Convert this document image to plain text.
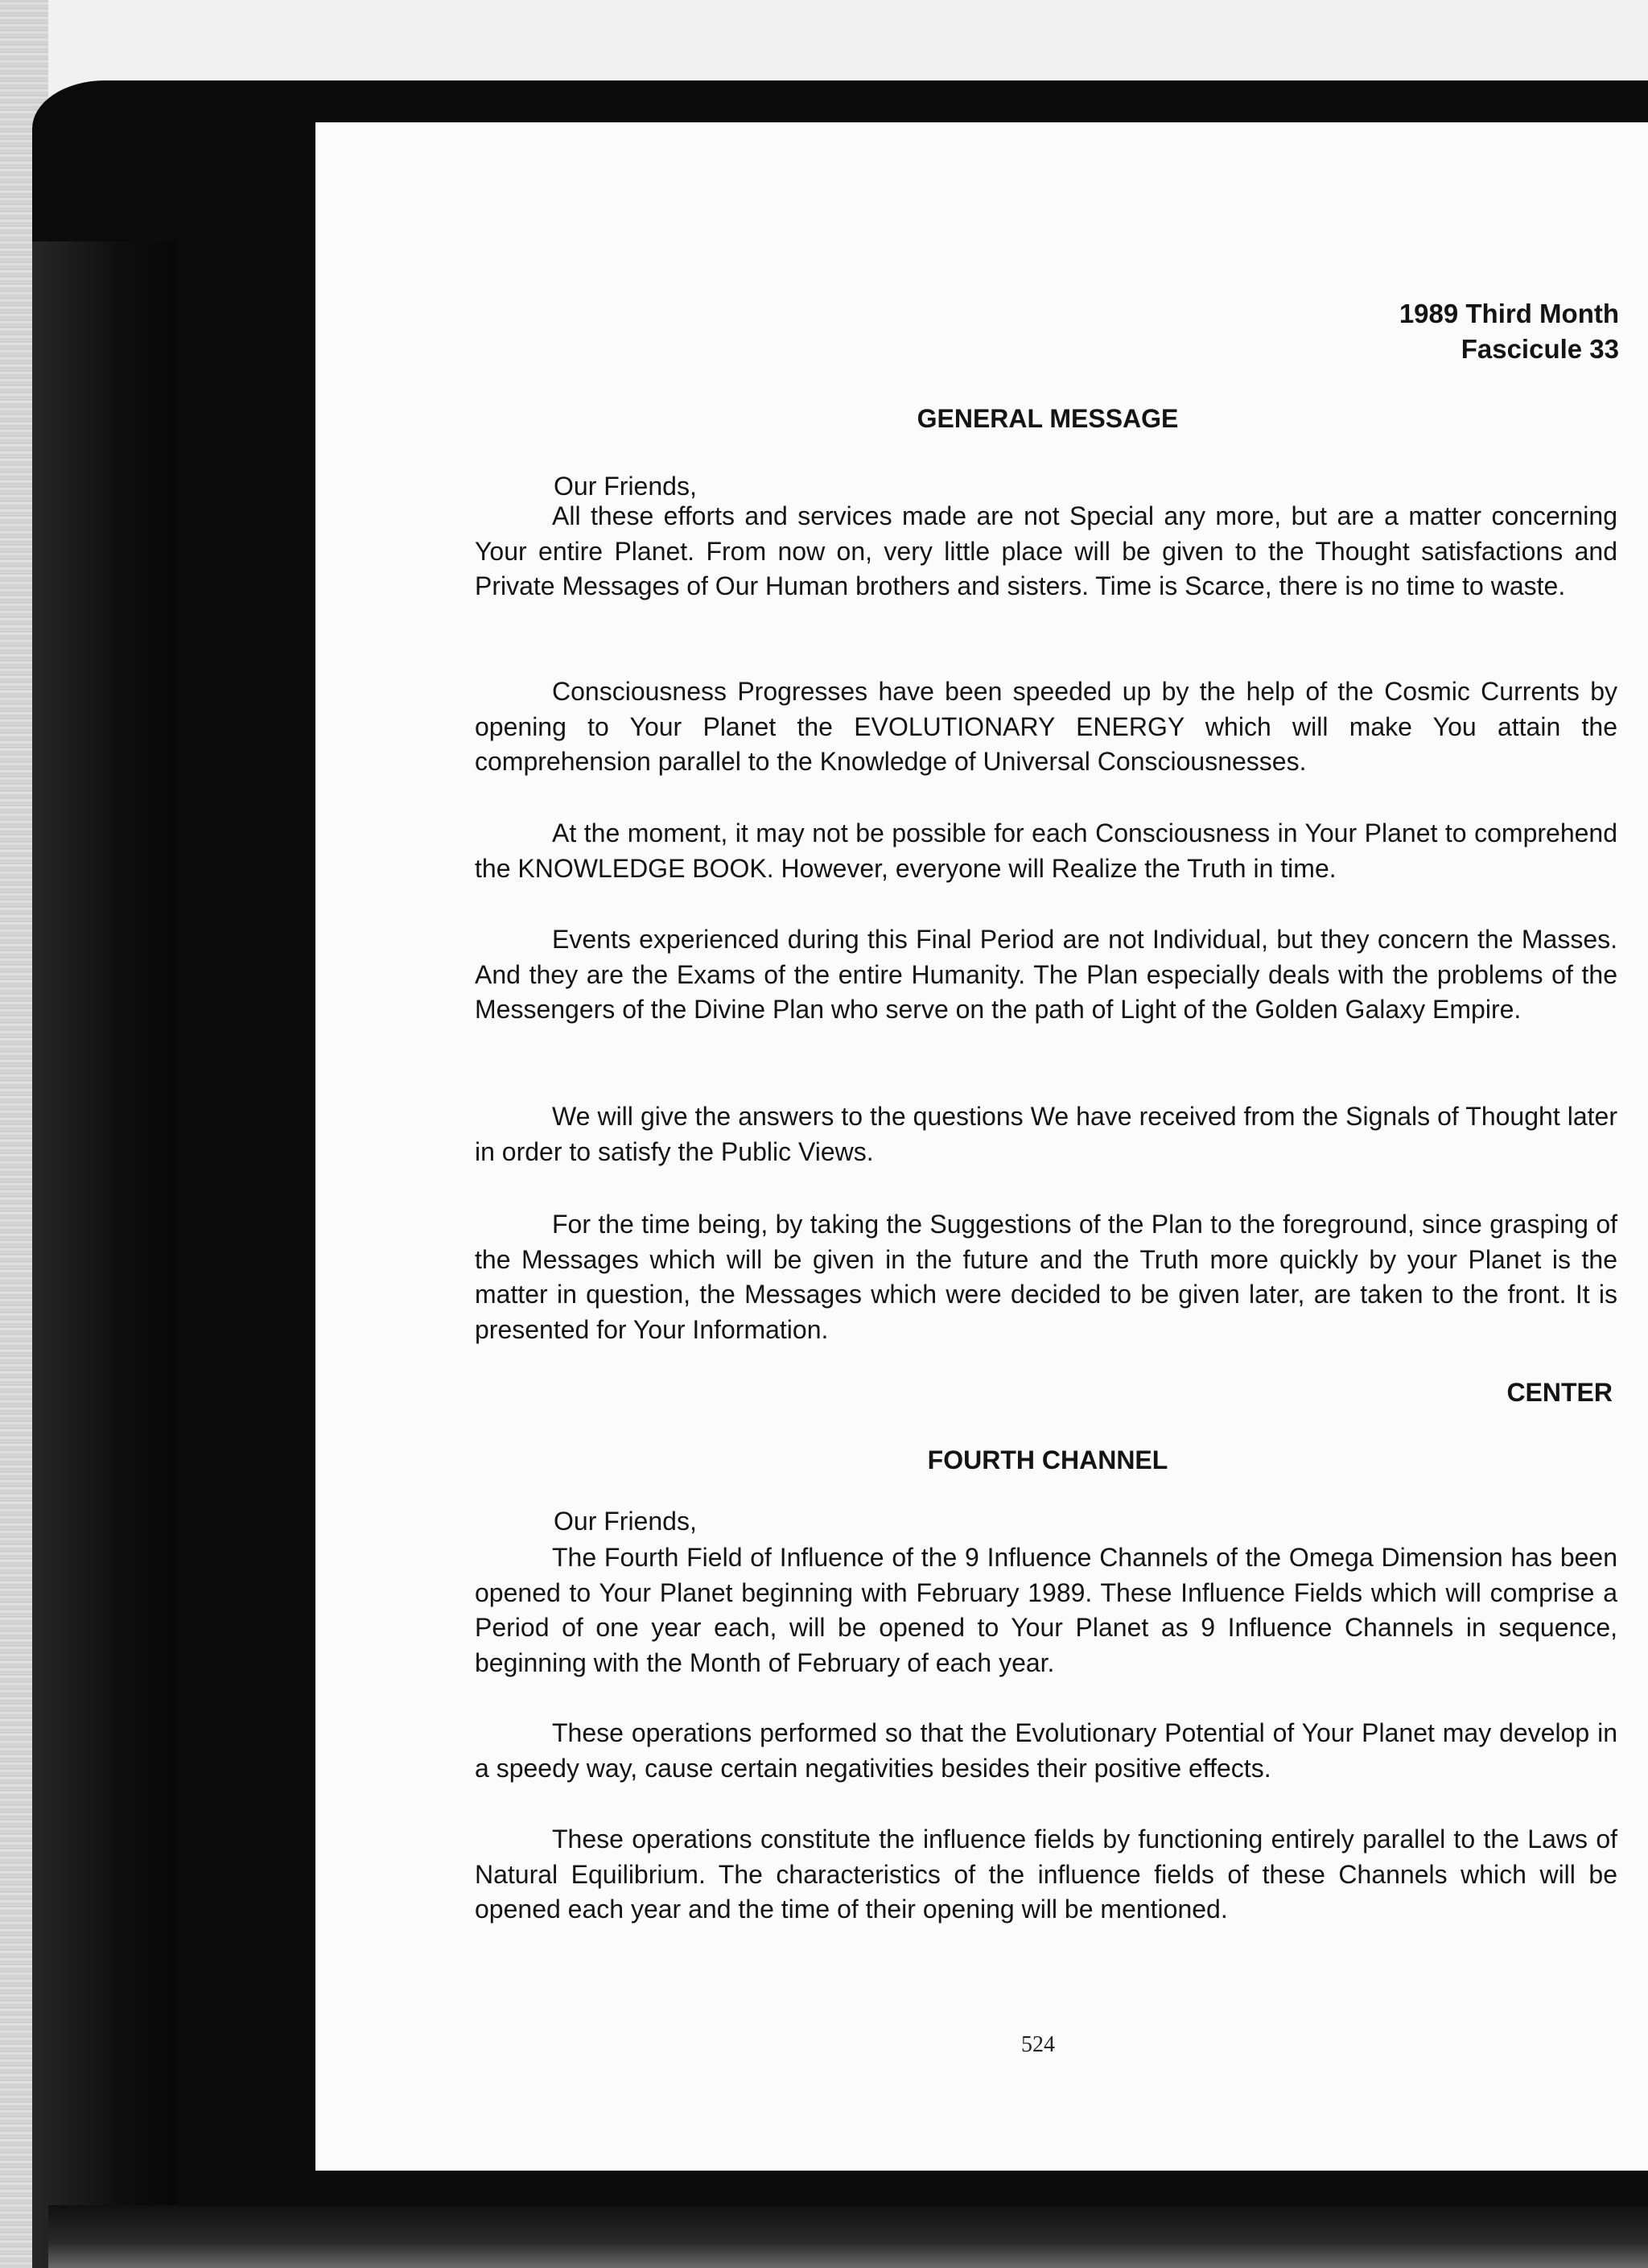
1989 Third Month
Fascicule 33
GENERAL MESSAGE

Our Friends,

All these efforts and services made are not Special any more, but are a matter concerning Your entire Planet. From now on, very little place will be given to the Thought satisfactions and Private Messages of Our Human brothers and sisters. Time is Scarce, there is no time to waste.

Consciousness Progresses have been speeded up by the help of the Cosmic Currents by opening to Your Planet the EVOLUTIONARY ENERGY which will make You attain the comprehension parallel to the Knowledge of Universal Consciousnesses.

At the moment, it may not be possible for each Consciousness in Your Planet to comprehend the KNOWLEDGE BOOK. However, everyone will Realize the Truth in time.

Events experienced during this Final Period are not Individual, but they concern the Masses. And they are the Exams of the entire Humanity. The Plan especially deals with the problems of the Messengers of the Divine Plan who serve on the path of Light of the Golden Galaxy Empire.

We will give the answers to the questions We have received from the Signals of Thought later in order to satisfy the Public Views.

For the time being, by taking the Suggestions of the Plan to the foreground, since grasping of the Messages which will be given in the future and the Truth more quickly by your Planet is the matter in question, the Messages which were decided to be given later, are taken to the front. It is presented for Your Information.

CENTER
FOURTH CHANNEL

Our Friends,

The Fourth Field of Influence of the 9 Influence Channels of the Omega Dimension has been opened to Your Planet beginning with February 1989. These Influence Fields which will comprise a Period of one year each, will be opened to Your Planet as 9 Influence Channels in sequence, beginning with the Month of February of each year.

These operations performed so that the Evolutionary Potential of Your Planet may develop in a speedy way, cause certain negativities besides their positive effects.

These operations constitute the influence fields by functioning entirely parallel to the Laws of Natural Equilibrium. The characteristics of the influence fields of these Channels which will be opened each year and the time of their opening will be mentioned.

524
